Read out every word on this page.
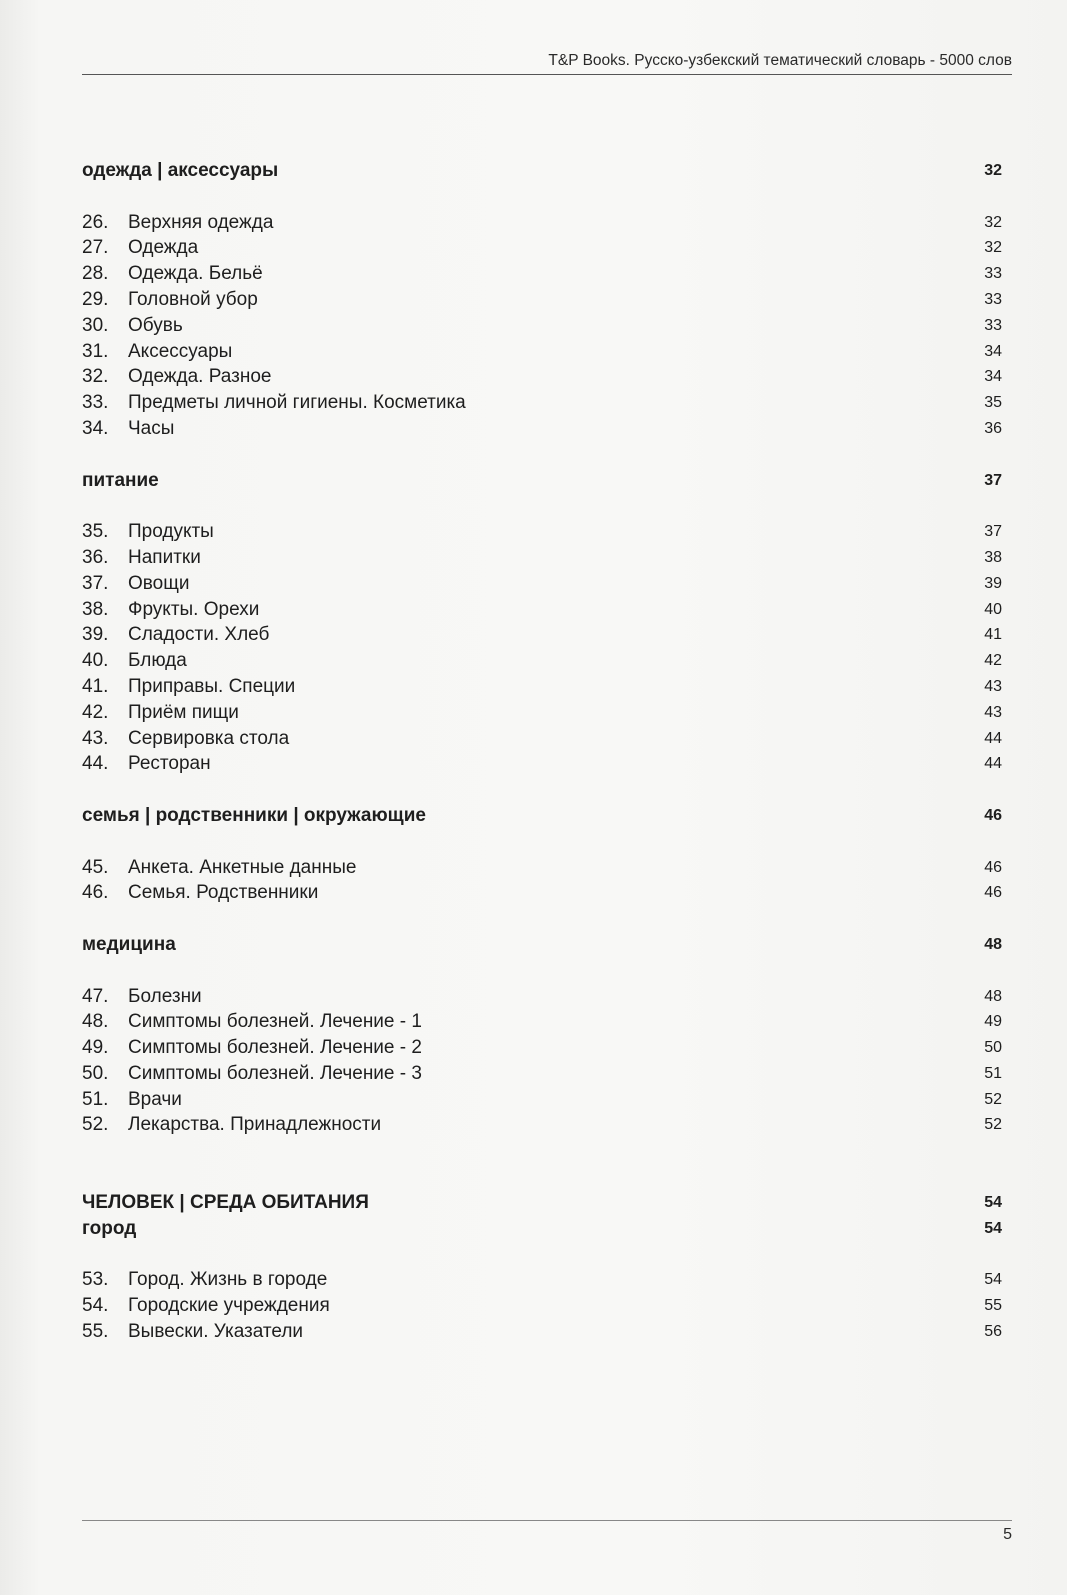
T&P Books. Русско-узбекский тематический словарь - 5000 слов
одежда | аксессуары	32
26.	Верхняя одежда	32
27.	Одежда	32
28.	Одежда. Бельё	33
29.	Головной убор	33
30.	Обувь	33
31.	Аксессуары	34
32.	Одежда. Разное	34
33.	Предметы личной гигиены. Косметика	35
34.	Часы	36
питание	37
35.	Продукты	37
36.	Напитки	38
37.	Овощи	39
38.	Фрукты. Орехи	40
39.	Сладости. Хлеб	41
40.	Блюда	42
41.	Приправы. Специи	43
42.	Приём пищи	43
43.	Сервировка стола	44
44.	Ресторан	44
семья | родственники | окружающие	46
45.	Анкета. Анкетные данные	46
46.	Семья. Родственники	46
медицина	48
47.	Болезни	48
48.	Симптомы болезней. Лечение - 1	49
49.	Симптомы болезней. Лечение - 2	50
50.	Симптомы болезней. Лечение - 3	51
51.	Врачи	52
52.	Лекарства. Принадлежности	52
ЧЕЛОВЕК | СРЕДА ОБИТАНИЯ	54
город	54
53.	Город. Жизнь в городе	54
54.	Городские учреждения	55
55.	Вывески. Указатели	56
5
